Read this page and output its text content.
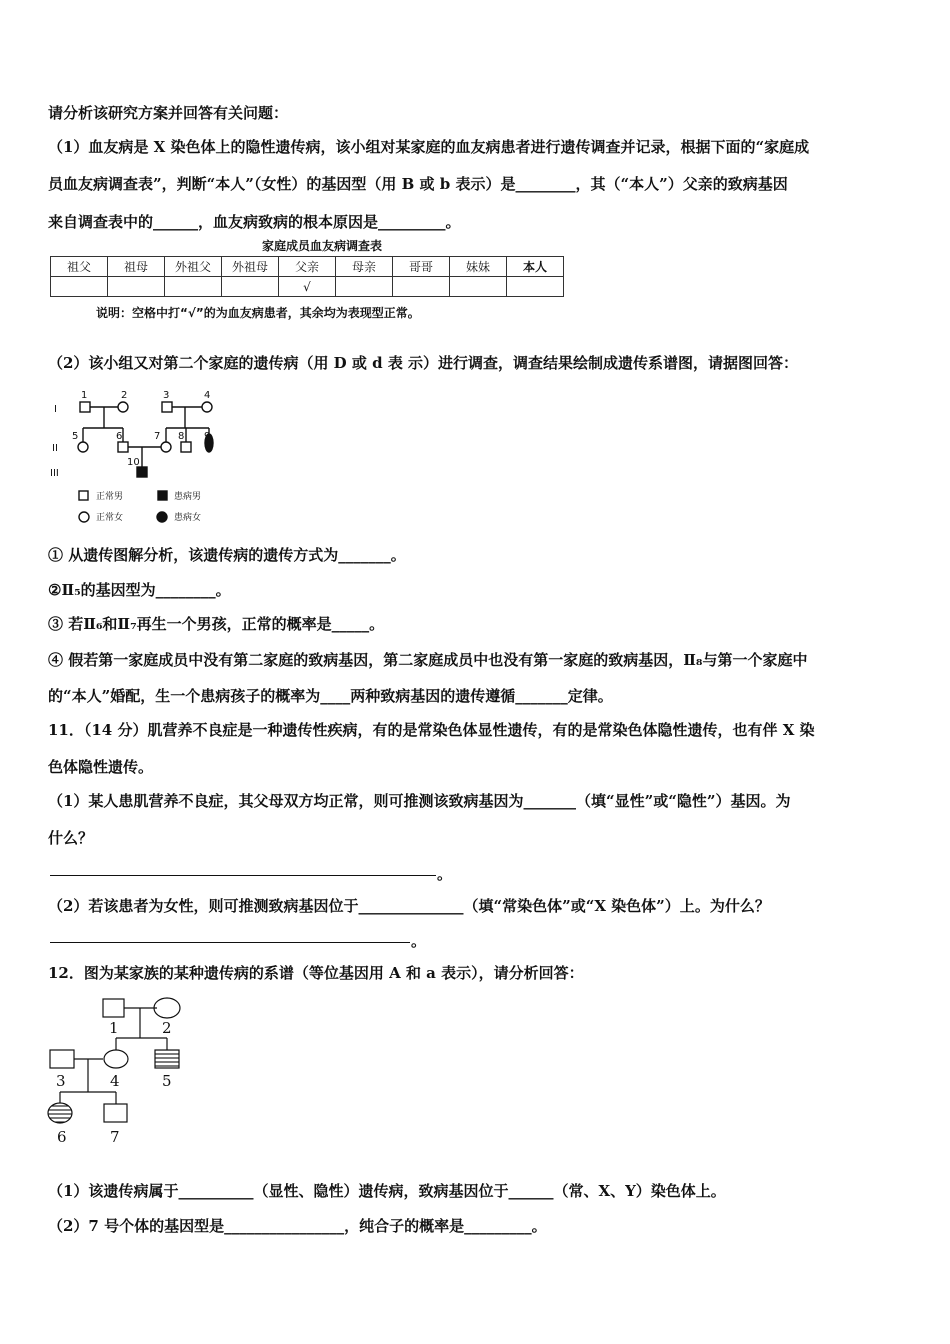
请分析该研究方案并回答有关问题：
（1）血友病是 X 染色体上的隐性遗传病，该小组对某家庭的血友病患者进行遗传调查并记录，根据下面的“家庭成
员血友病调查表”，判断“本人”（女性）的基因型（用 B 或 b 表示）是________，其（“本人”）父亲的致病基因
来自调查表中的______，血友病致病的根本原因是_________。
家庭成员血友病调查表
祖父	祖母	外祖父	外祖母	父亲	母亲	哥哥	妹妹	本人
				√				
说明：空格中打“√”的为血友病患者，其余均为表现型正常。
（2）该小组又对第二个家庭的遗传病（用 D 或 d 表 示）进行调查，调查结果绘制成遗传系谱图，请据图回答：
I
II
III
1	2	3	4
5	6	7 8 9
10
正常男	患病男
正常女	患病女
① 从遗传图解分析，该遗传病的遗传方式为_______。
②Ⅱ₅的基因型为________。
③ 若Ⅱ₆和Ⅱ₇再生一个男孩，正常的概率是_____。
④ 假若第一家庭成员中没有第二家庭的致病基因，第二家庭成员中也没有第一家庭的致病基因，Ⅱ₈与第一个家庭中
的“本人”婚配，生一个患病孩子的概率为____两种致病基因的遗传遵循_______定律。
11．（14 分）肌营养不良症是一种遗传性疾病，有的是常染色体显性遗传，有的是常染色体隐性遗传，也有伴 X 染
色体隐性遗传。
（1）某人患肌营养不良症，其父母双方均正常，则可推测该致病基因为_______（填“显性”或“隐性”）基因。为
什么？
。
（2）若该患者为女性，则可推测致病基因位于______________（填“常染色体”或“X 染色体”）上。为什么？
。
12．图为某家族的某种遗传病的系谱（等位基因用 A 和 a 表示），请分析回答：
1	2
3	4	5
6	7
（1）该遗传病属于__________（显性、隐性）遗传病，致病基因位于______（常、X、Y）染色体上。
（2）7 号个体的基因型是________________，纯合子的概率是_________。
